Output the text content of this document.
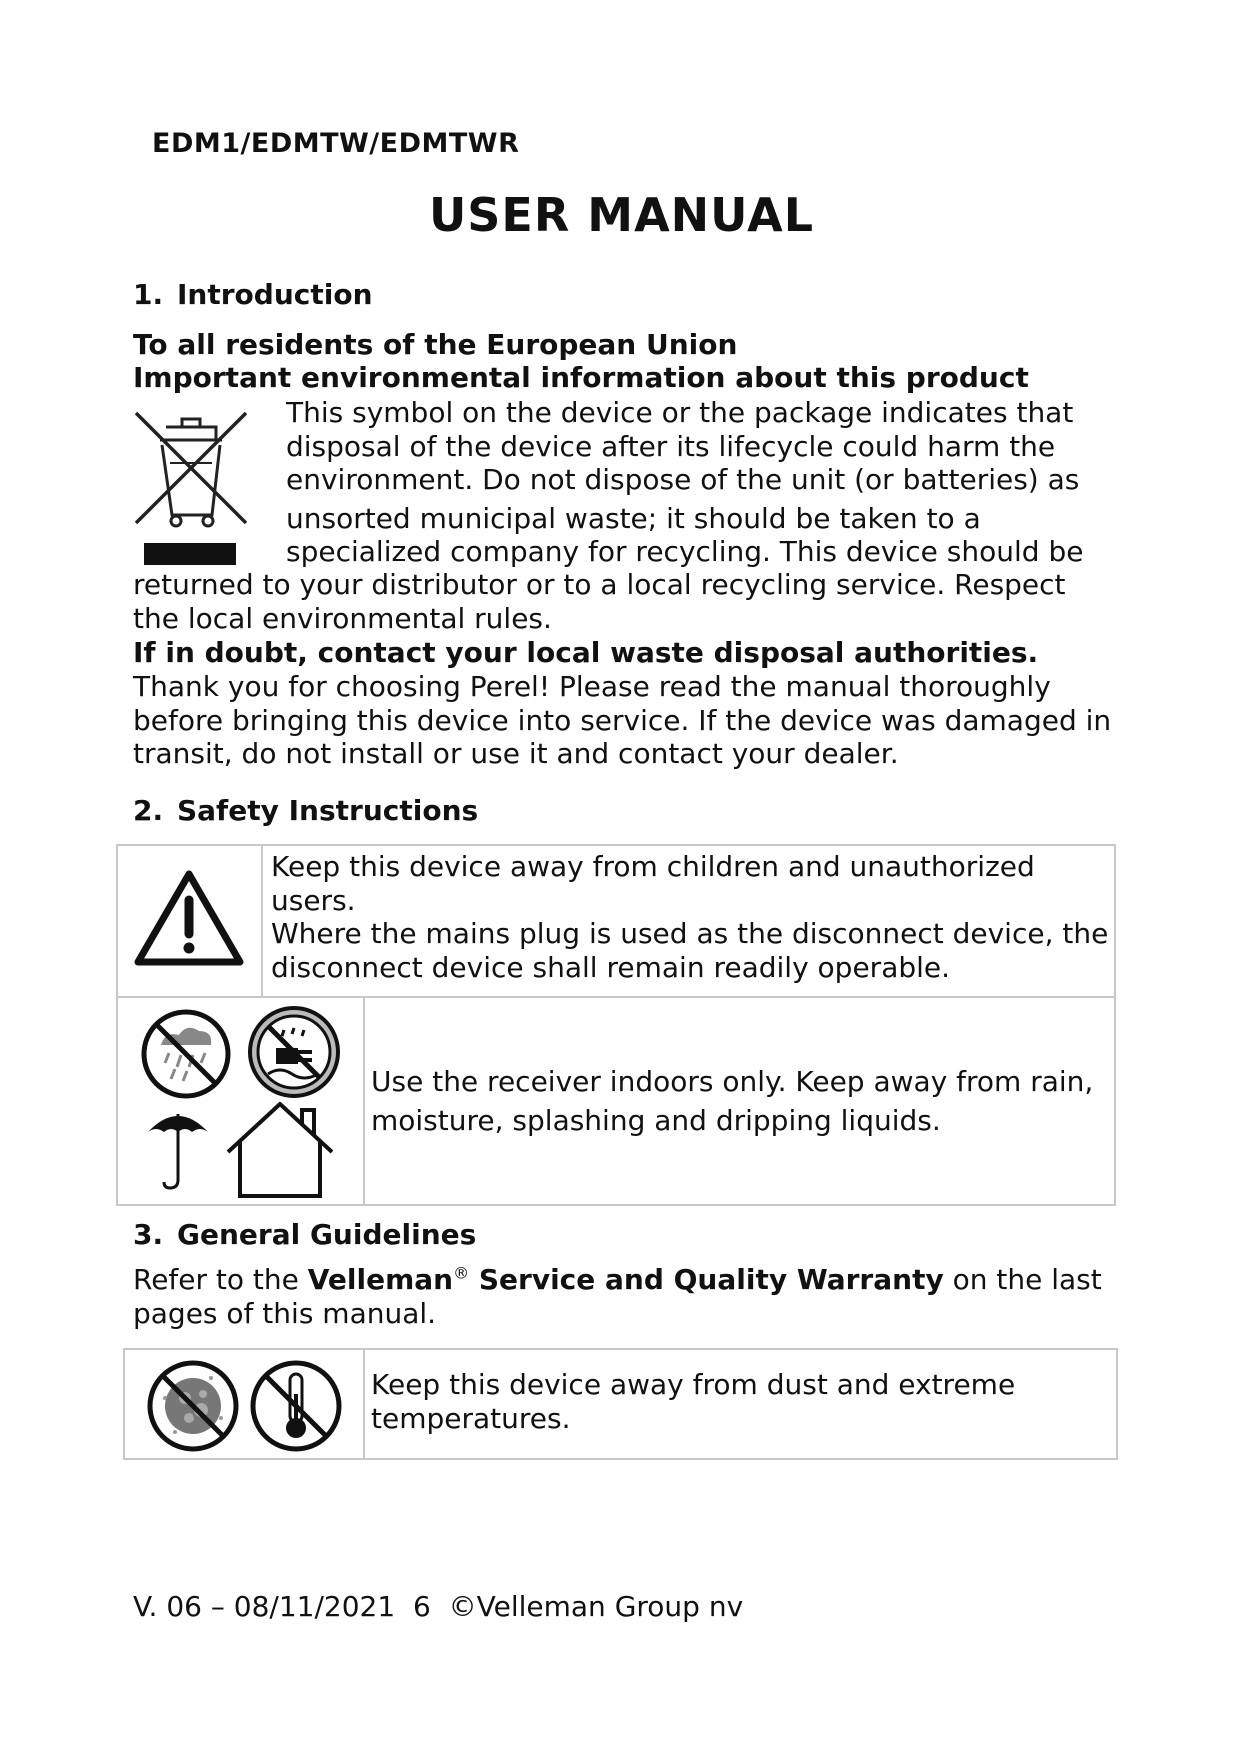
EDM1/EDMTW/EDMTWR
USER MANUAL
1. Introduction
To all residents of the European Union
Important environmental information about this product
This symbol on the device or the package indicates that
disposal of the device after its lifecycle could harm the
environment. Do not dispose of the unit (or batteries) as
unsorted municipal waste; it should be taken to a
specialized company for recycling. This device should be
returned to your distributor or to a local recycling service. Respect
the local environmental rules.
If in doubt, contact your local waste disposal authorities.
Thank you for choosing Perel! Please read the manual thoroughly
before bringing this device into service. If the device was damaged in
transit, do not install or use it and contact your dealer.
2. Safety Instructions
Keep this device away from children and unauthorized
users.
Where the mains plug is used as the disconnect device, the
disconnect device shall remain readily operable.
Use the receiver indoors only. Keep away from rain,
moisture, splashing and dripping liquids.
3. General Guidelines
Refer to the Velleman® Service and Quality Warranty on the last
pages of this manual.
Keep this device away from dust and extreme
temperatures.
V. 06 – 08/11/2021 6 ©Velleman Group nv
